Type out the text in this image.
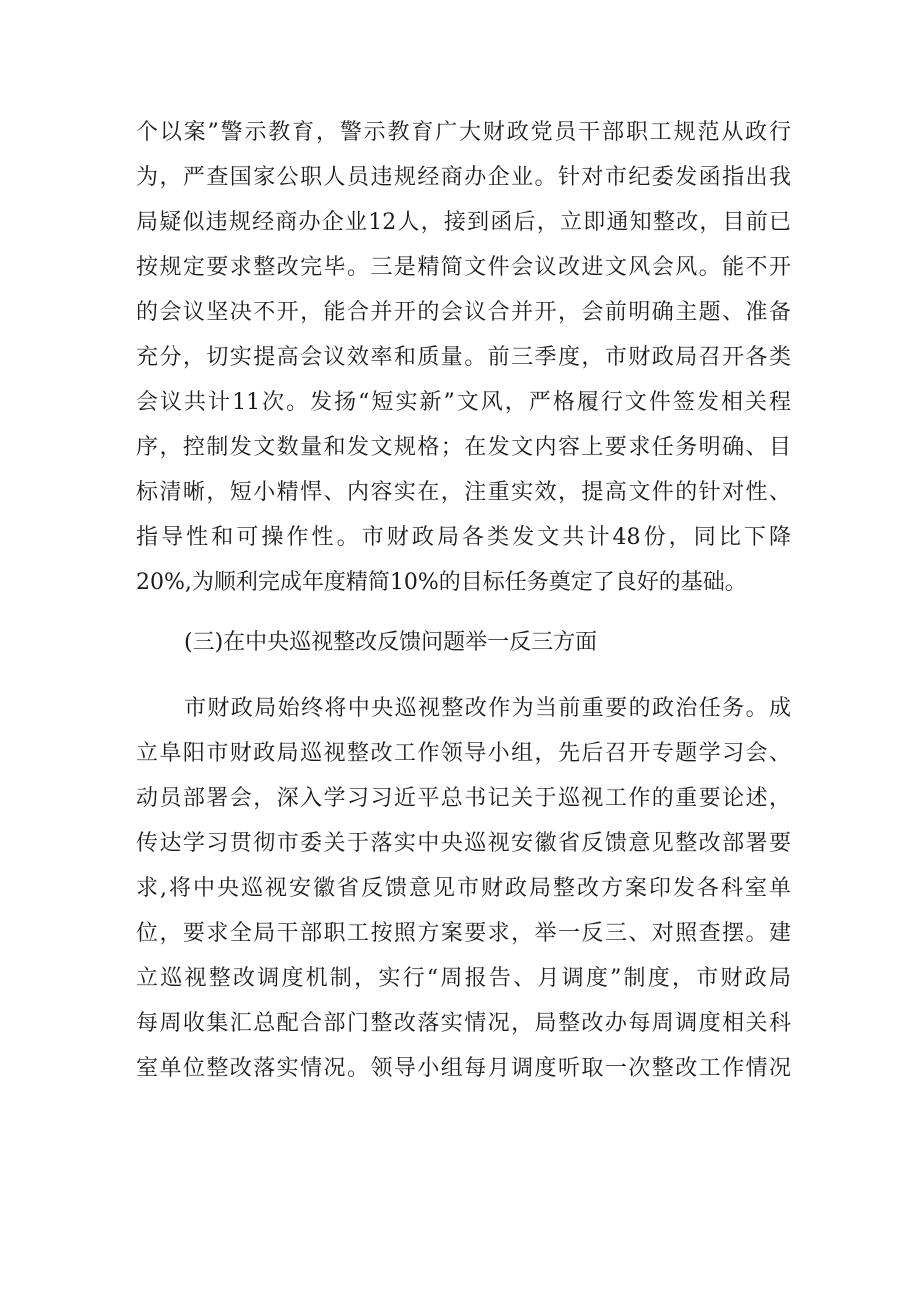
个以案”警示教育，警示教育广大财政党员干部职工规范从政行
为，严查国家公职人员违规经商办企业。针对市纪委发函指出我
局疑似违规经商办企业12人，接到函后，立即通知整改，目前已
按规定要求整改完毕。三是精简文件会议改进文风会风。能不开
的会议坚决不开，能合并开的会议合并开，会前明确主题、准备
充分，切实提高会议效率和质量。前三季度，市财政局召开各类
会议共计11次。发扬“短实新”文风，严格履行文件签发相关程
序，控制发文数量和发文规格；在发文内容上要求任务明确、目
标清晰，短小精悍、内容实在，注重实效，提高文件的针对性、
指导性和可操作性。市财政局各类发文共计48份，同比下降
20%,为顺利完成年度精简10%的目标任务奠定了良好的基础。
(三)在中央巡视整改反馈问题举一反三方面
市财政局始终将中央巡视整改作为当前重要的政治任务。成
立阜阳市财政局巡视整改工作领导小组，先后召开专题学习会、
动员部署会，深入学习习近平总书记关于巡视工作的重要论述，
传达学习贯彻市委关于落实中央巡视安徽省反馈意见整改部署要
求,将中央巡视安徽省反馈意见市财政局整改方案印发各科室单
位，要求全局干部职工按照方案要求，举一反三、对照查摆。建
立巡视整改调度机制，实行“周报告、月调度”制度，市财政局
每周收集汇总配合部门整改落实情况，局整改办每周调度相关科
室单位整改落实情况。领导小组每月调度听取一次整改工作情况
